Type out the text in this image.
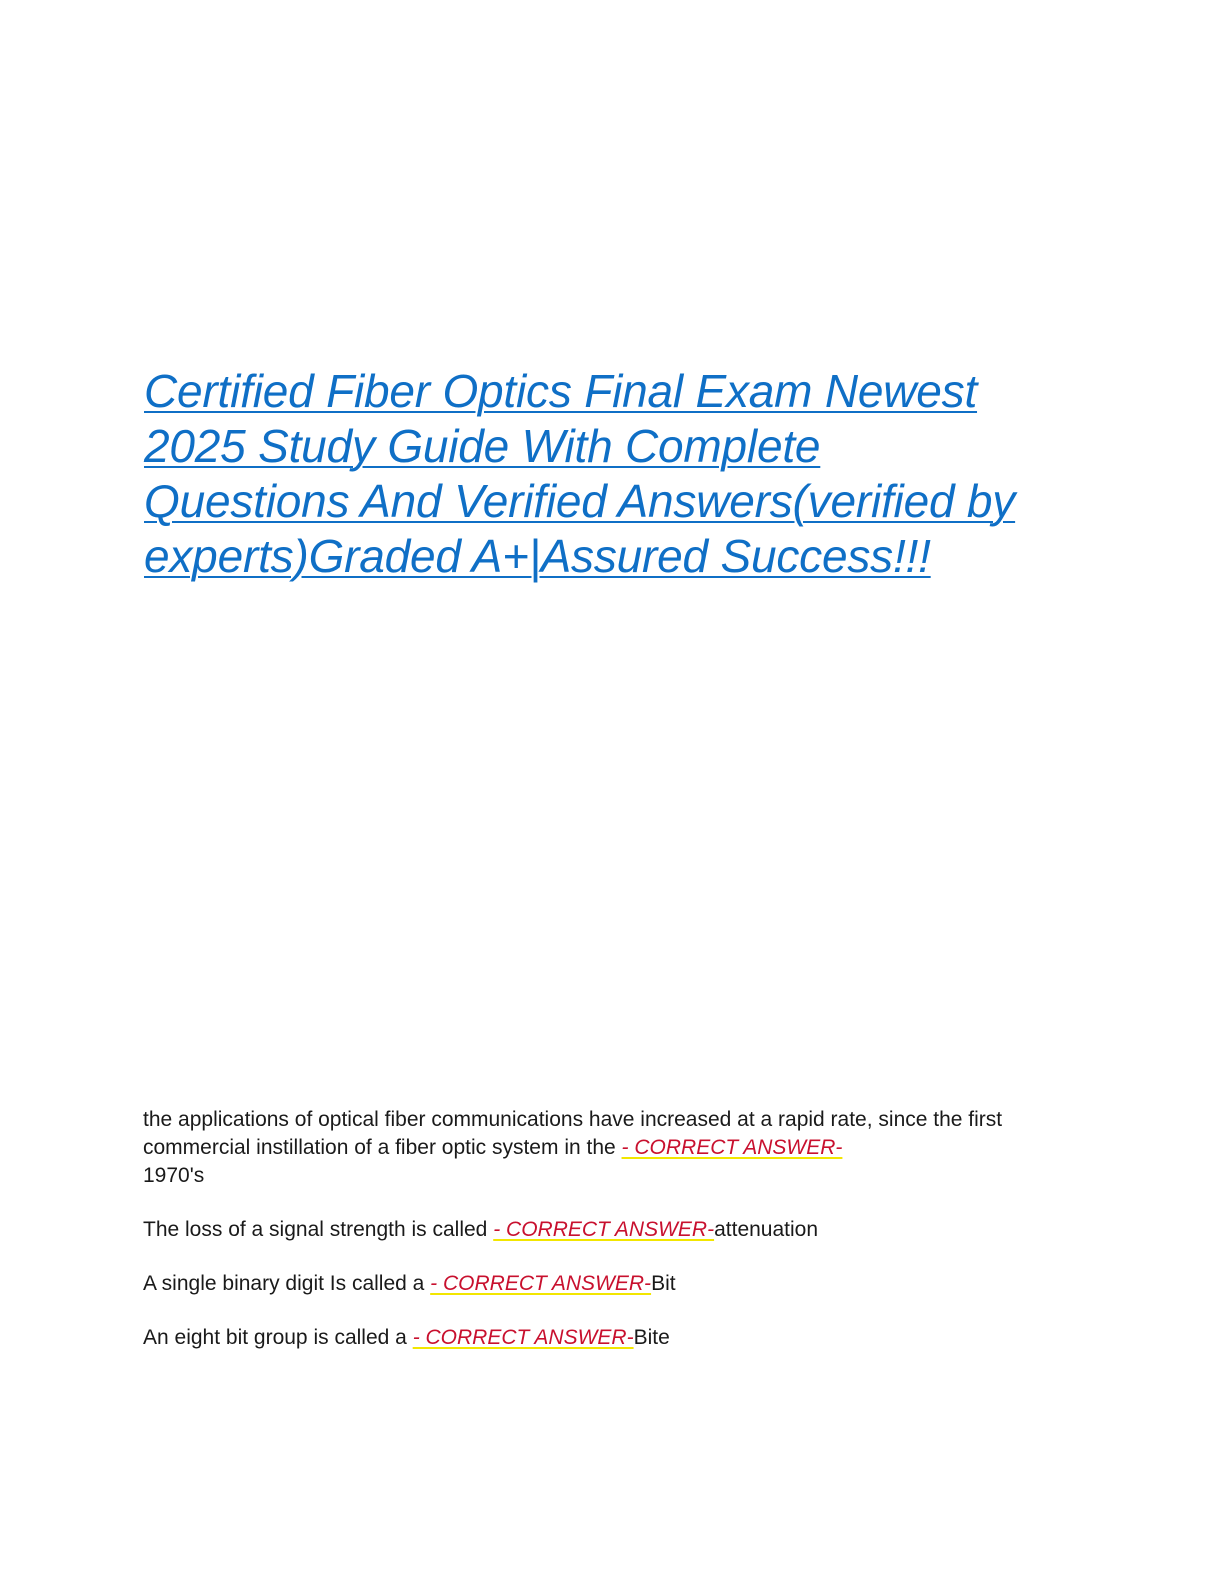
Certified Fiber Optics Final Exam Newest
2025 Study Guide With Complete
Questions And Verified Answers(verified by
experts)Graded A+|Assured Success!!!

the applications of optical fiber communications have increased at a rapid rate, since the first commercial instillation of a fiber optic system in the - CORRECT ANSWER-
1970's

The loss of a signal strength is called - CORRECT ANSWER-attenuation

A single binary digit Is called a - CORRECT ANSWER-Bit

An eight bit group is called a - CORRECT ANSWER-Bite
